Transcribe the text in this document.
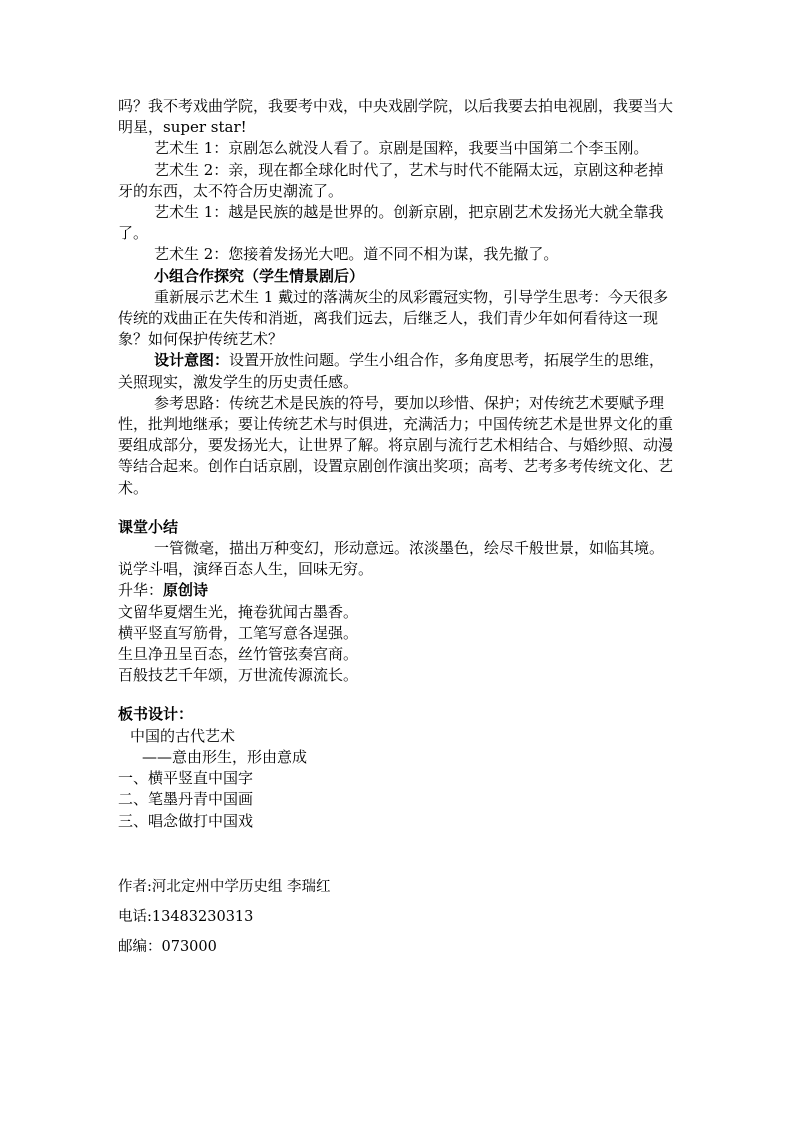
吗？我不考戏曲学院，我要考中戏，中央戏剧学院，以后我要去拍电视剧，我要当大明星，super star!

艺术生 1：京剧怎么就没人看了。京剧是国粹，我要当中国第二个李玉刚。

艺术生 2：亲，现在都全球化时代了，艺术与时代不能隔太远，京剧这种老掉牙的东西，太不符合历史潮流了。

艺术生 1：越是民族的越是世界的。创新京剧，把京剧艺术发扬光大就全靠我了。

艺术生 2：您接着发扬光大吧。道不同不相为谋，我先撤了。

小组合作探究（学生情景剧后）

重新展示艺术生 1 戴过的落满灰尘的凤彩霞冠实物，引导学生思考：今天很多传统的戏曲正在失传和消逝，离我们远去，后继乏人，我们青少年如何看待这一现象？如何保护传统艺术？

设计意图：设置开放性问题。学生小组合作，多角度思考，拓展学生的思维，关照现实，激发学生的历史责任感。

参考思路：传统艺术是民族的符号，要加以珍惜、保护；对传统艺术要赋予理性，批判地继承；要让传统艺术与时俱进，充满活力；中国传统艺术是世界文化的重要组成部分，要发扬光大，让世界了解。将京剧与流行艺术相结合、与婚纱照、动漫等结合起来。创作白话京剧，设置京剧创作演出奖项；高考、艺考多考传统文化、艺术。

课堂小结

一管微毫，描出万种变幻，形动意远。浓淡墨色，绘尽千般世景，如临其境。

说学斗唱，演绎百态人生，回味无穷。

升华：原创诗

文留华夏熠生光，掩卷犹闻古墨香。

横平竖直写筋骨，工笔写意各逞强。

生旦净丑呈百态，丝竹管弦奏宫商。

百般技艺千年颂，万世流传源流长。

板书设计：

中国的古代艺术

——意由形生，形由意成

一、横平竖直中国字

二、笔墨丹青中国画

三、唱念做打中国戏

作者:河北定州中学历史组 李瑞红

电话:13483230313

邮编：073000
